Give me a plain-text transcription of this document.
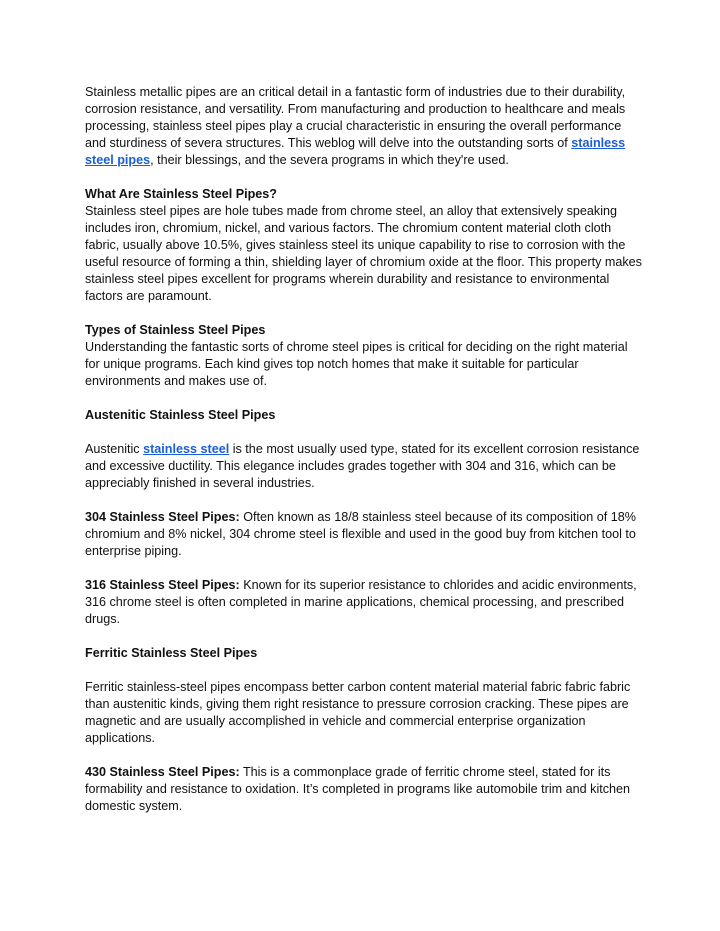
Stainless metallic pipes are an critical detail in a fantastic form of industries due to their durability, corrosion resistance, and versatility. From manufacturing and production to healthcare and meals processing, stainless steel pipes play a crucial characteristic in ensuring the overall performance and sturdiness of severa structures. This weblog will delve into the outstanding sorts of stainless steel pipes, their blessings, and the severa programs in which they're used.

What Are Stainless Steel Pipes?

Stainless steel pipes are hole tubes made from chrome steel, an alloy that extensively speaking includes iron, chromium, nickel, and various factors. The chromium content material cloth cloth fabric, usually above 10.5%, gives stainless steel its unique capability to rise to corrosion with the useful resource of forming a thin, shielding layer of chromium oxide at the floor. This property makes stainless steel pipes excellent for programs wherein durability and resistance to environmental factors are paramount.

Types of Stainless Steel Pipes

Understanding the fantastic sorts of chrome steel pipes is critical for deciding on the right material for unique programs. Each kind gives top notch homes that make it suitable for particular environments and makes use of.

Austenitic Stainless Steel Pipes

Austenitic stainless steel is the most usually used type, stated for its excellent corrosion resistance and excessive ductility. This elegance includes grades together with 304 and 316, which can be appreciably finished in several industries.

304 Stainless Steel Pipes: Often known as 18/8 stainless steel because of its composition of 18% chromium and 8% nickel, 304 chrome steel is flexible and used in the good buy from kitchen tool to enterprise piping.

316 Stainless Steel Pipes: Known for its superior resistance to chlorides and acidic environments, 316 chrome steel is often completed in marine applications, chemical processing, and prescribed drugs.

Ferritic Stainless Steel Pipes

Ferritic stainless-steel pipes encompass better carbon content material material fabric fabric fabric than austenitic kinds, giving them right resistance to pressure corrosion cracking. These pipes are magnetic and are usually accomplished in vehicle and commercial enterprise organization applications.

430 Stainless Steel Pipes: This is a commonplace grade of ferritic chrome steel, stated for its formability and resistance to oxidation. It’s completed in programs like automobile trim and kitchen domestic system.
